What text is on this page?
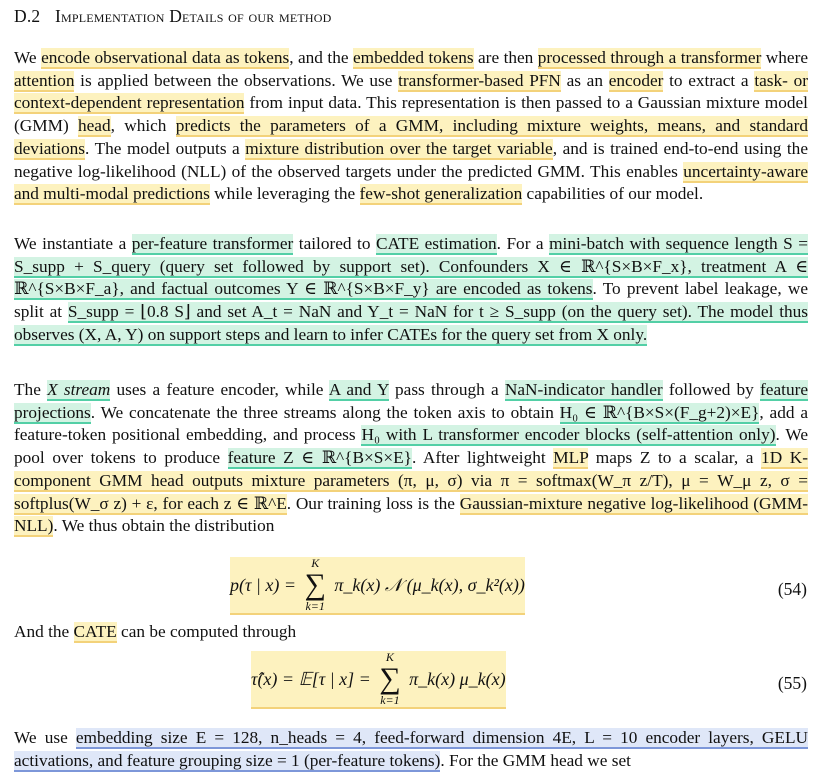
D.2 Implementation Details of our method

We encode observational data as tokens, and the embedded tokens are then processed through a transformer where attention is applied between the observations. We use transformer-based PFN as an encoder to extract a task- or context-dependent representation from input data. This representation is then passed to a Gaussian mixture model (GMM) head, which predicts the parameters of a GMM, including mixture weights, means, and standard deviations. The model outputs a mixture distribution over the target variable, and is trained end-to-end using the negative log-likelihood (NLL) of the observed targets under the predicted GMM. This enables uncertainty-aware and multi-modal predictions while leveraging the few-shot generalization capabilities of our model.

We instantiate a per-feature transformer tailored to CATE estimation. For a mini-batch with sequence length S = S_supp + S_query (query set followed by support set). Confounders X ∈ ℝ^{S×B×F_x}, treatment A ∈ ℝ^{S×B×F_a}, and factual outcomes Y ∈ ℝ^{S×B×F_y} are encoded as tokens. To prevent label leakage, we split at S_supp = ⌊0.8 S⌋ and set A_t = NaN and Y_t = NaN for t ≥ S_supp (on the query set). The model thus observes (X, A, Y) on support steps and learn to infer CATEs for the query set from X only.

The X stream uses a feature encoder, while A and Y pass through a NaN-indicator handler followed by feature projections. We concatenate the three streams along the token axis to obtain H₀ ∈ ℝ^{B×S×(F_g+2)×E}, add a feature-token positional embedding, and process H₀ with L transformer encoder blocks (self-attention only). We pool over tokens to produce feature Z ∈ ℝ^{B×S×E}. After lightweight MLP maps Z to a scalar, a 1D K-component GMM head outputs mixture parameters (π, μ, σ) via π = softmax(W_π z/T), μ = W_μ z, σ = softplus(W_σ z) + ε, for each z ∈ ℝ^E. Our training loss is the Gaussian-mixture negative log-likelihood (GMM-NLL). We thus obtain the distribution

p(τ | x) =
K
∑
k=1
π_k(x) 𝒩 (μ_k(x), σ_k²(x))	(54)
And the CATE can be computed through
τ̂(x) = 𝔼[τ | x] =
K
∑
k=1
π_k(x) μ_k(x)	(55)

We use embedding size E = 128, n_heads = 4, feed-forward dimension 4E, L = 10 encoder layers, GELU activations, and feature grouping size = 1 (per-feature tokens). For the GMM head we set
